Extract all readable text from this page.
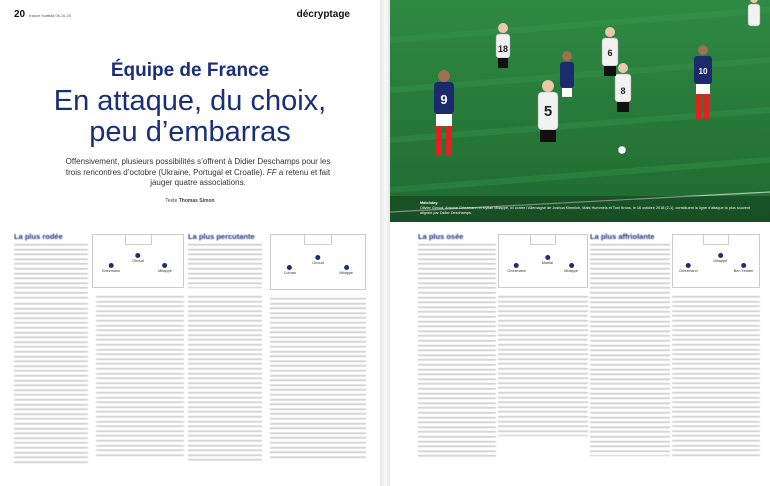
20 france football 06.10.20	décryptage
Équipe de France
En attaque, du choix,
peu d’embarras

Offensivement, plusieurs possibilités s’offrent à Didier Deschamps pour les trois rencontres d’octobre (Ukraine, Portugal et Croatie). FF a retenu et fait jauger quatre associations.

Texte Thomas Simon
La plus rodée
Griezmann
Giroud
Mbappé
La plus percutante
Coman
Giroud
Mbappé
18
9
5
6
8
10
Matchday.
Olivier Giroud, Antoine Griezmann et Kylian Mbappé, ici contre l’Allemagne de Joshua Kimmich, Mats Hummels et Toni Kroos, le 16 octobre 2018 (2-1), constituent la ligne d’attaque la plus souvent alignée par Didier Deschamps.
La plus osée
Griezmann
Martial
Mbappé
La plus affriolante
Griezmann
Mbappé
Ben Yedder
